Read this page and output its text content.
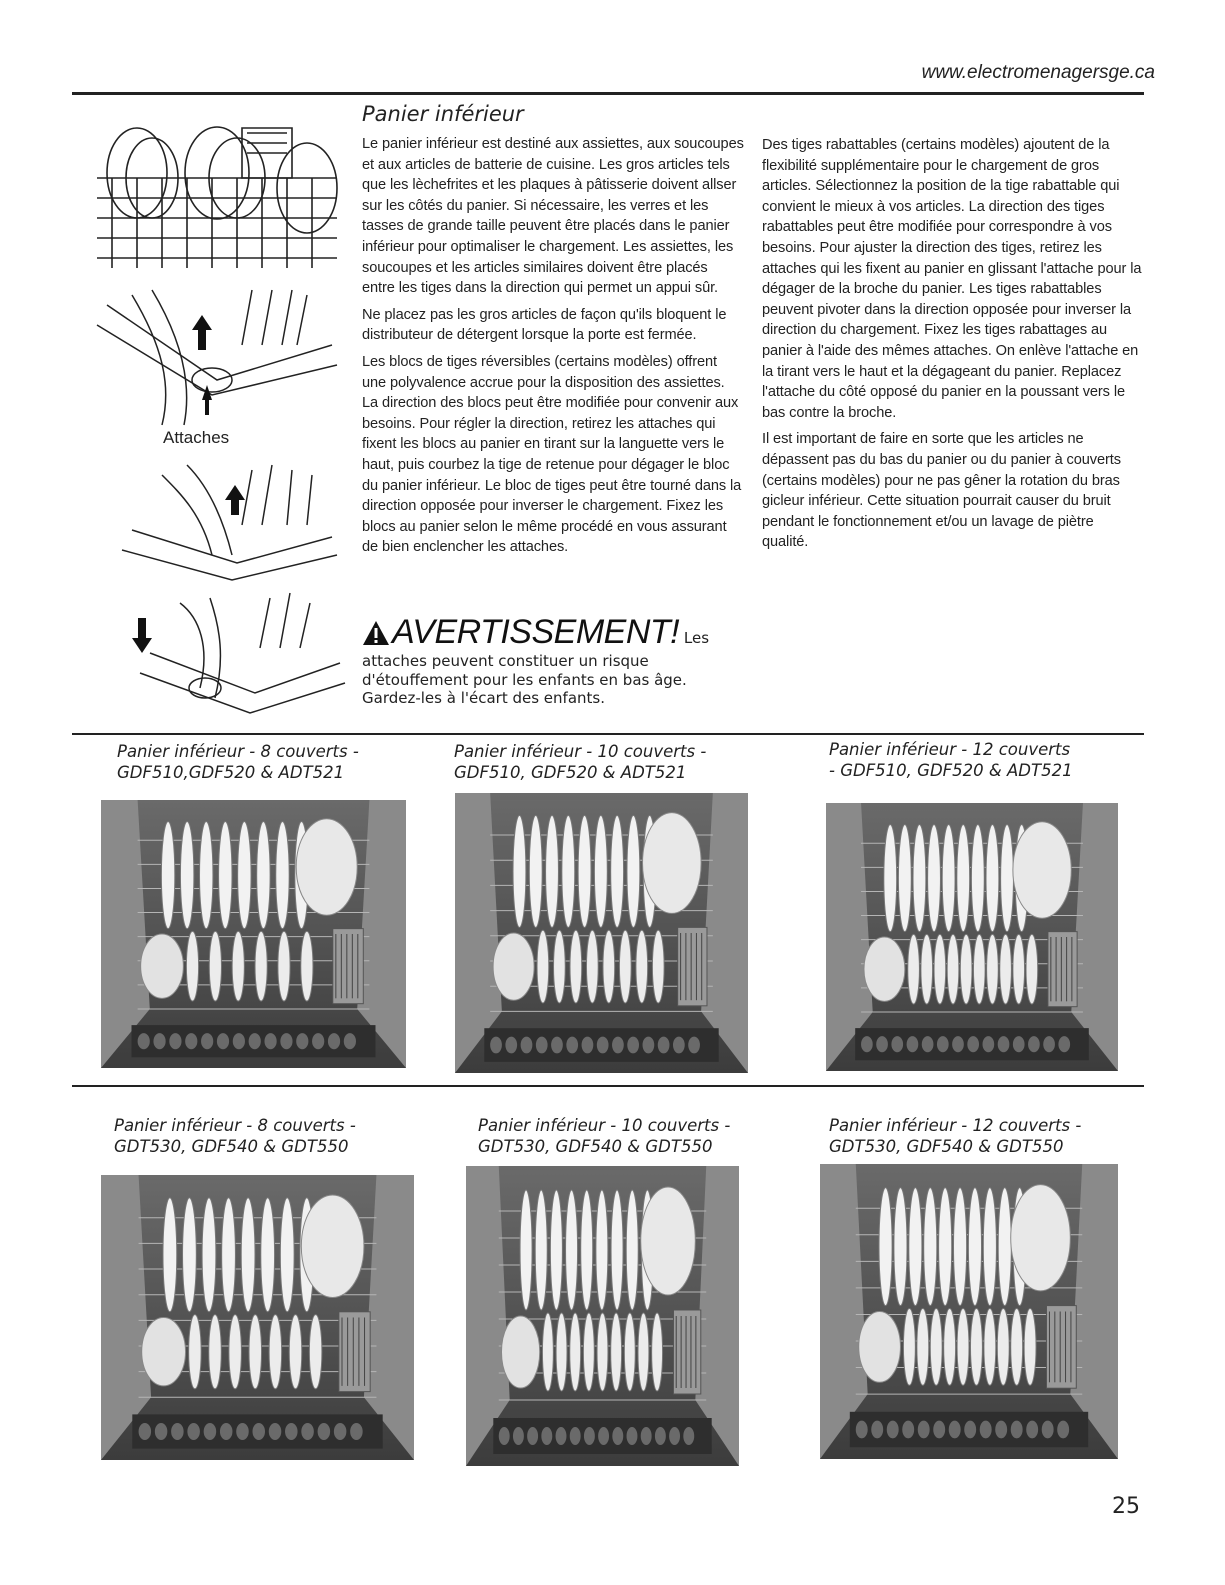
www.electromenagersge.ca
Attaches
Panier inférieur

Le panier inférieur est destiné aux assiettes, aux soucoupes et aux articles de batterie de cuisine. Les gros articles tels que les lèchefrites et les plaques à pâtisserie doivent allser sur les côtés du panier. Si nécessaire, les verres et les tasses de grande taille peuvent être placés dans le panier inférieur pour optimaliser le chargement. Les assiettes, les soucoupes et les articles similaires doivent être placés entre les tiges dans la direction qui permet un appui sûr.

Ne placez pas les gros articles de façon qu'ils bloquent le distributeur de détergent lorsque la porte est fermée.

Les blocs de tiges réversibles (certains modèles) offrent une polyvalence accrue pour la disposition des assiettes. La direction des blocs peut être modifiée pour convenir aux besoins. Pour régler la direction, retirez les attaches qui fixent les blocs au panier en tirant sur la languette vers le haut, puis courbez la tige de retenue pour dégager le bloc du panier inférieur. Le bloc de tiges peut être tourné dans la direction opposée pour inverser le chargement. Fixez les blocs au panier selon le même procédé en vous assurant de bien enclencher les attaches.

AVERTISSEMENT! Les
attaches peuvent constituer un risque d'étouffement pour les enfants en bas âge. Gardez-les à l'écart des enfants.

Des tiges rabattables (certains modèles) ajoutent de la flexibilité supplémentaire pour le chargement de gros articles. Sélectionnez la position de la tige rabattable qui convient le mieux à vos articles. La direction des tiges rabattables peut être modifiée pour correspondre à vos besoins. Pour ajuster la direction des tiges, retirez les attaches qui les fixent au panier en glissant l'attache pour la dégager de la broche du panier. Les tiges rabattables peuvent pivoter dans la direction opposée pour inverser la direction du chargement. Fixez les tiges rabattages au panier à l'aide des mêmes attaches. On enlève l'attache en la tirant vers le haut et la dégageant du panier. Replacez l'attache du côté opposé du panier en la poussant vers le bas contre la broche.

Il est important de faire en sorte que les articles ne dépassent pas du bas du panier ou du panier à couverts (certains modèles) pour ne pas gêner la rotation du bras gicleur inférieur. Cette situation pourrait causer du bruit pendant le fonctionnement et/ou un lavage de piètre qualité.

Panier inférieur - 8 couverts -
GDF510,GDF520 & ADT521
Panier inférieur - 10 couverts -
GDF510, GDF520 & ADT521
Panier inférieur - 12 couverts
- GDF510, GDF520 & ADT521
Panier inférieur - 8 couverts -
GDT530, GDF540 & GDT550
Panier inférieur - 10 couverts -
GDT530, GDF540 & GDT550
Panier inférieur - 12 couverts -
GDT530, GDF540 & GDT550
25
